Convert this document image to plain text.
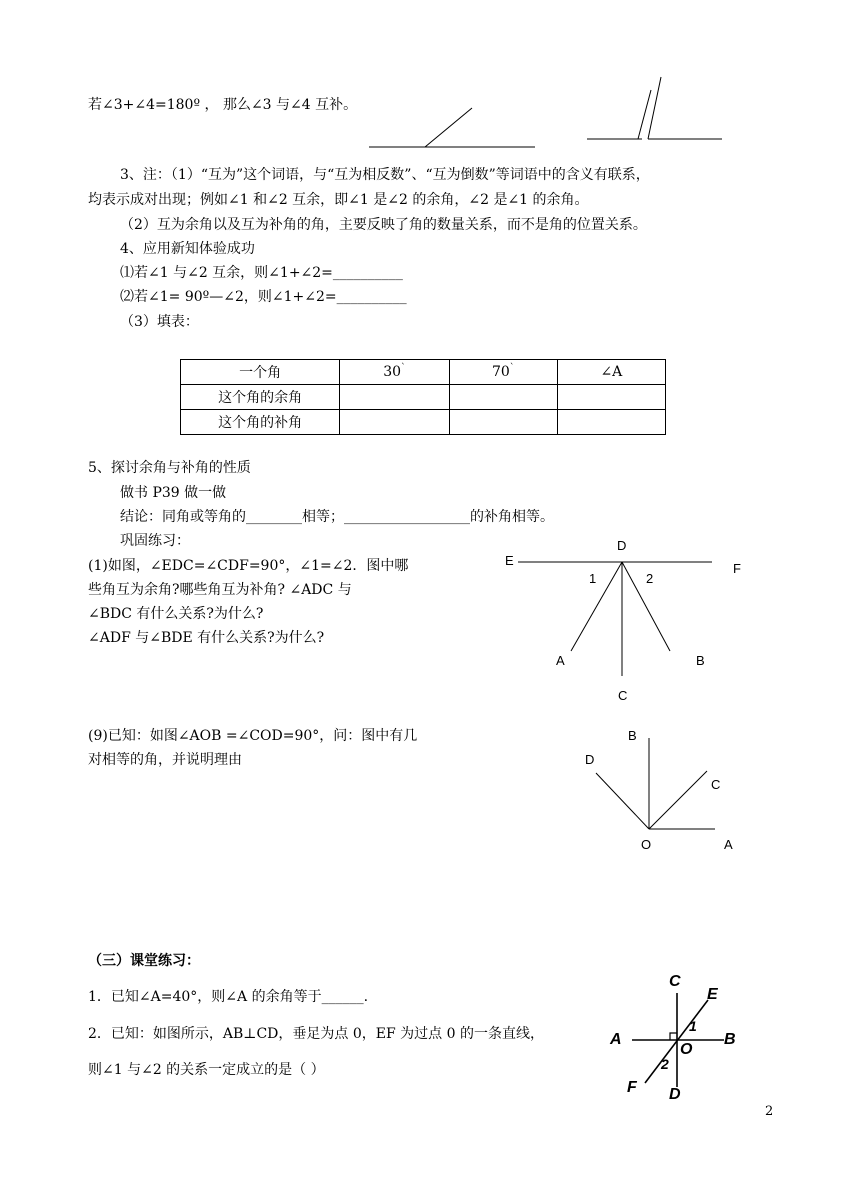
若∠3+∠4=180º ， 那么∠3 与∠4 互补。
3、注：（1）“互为”这个词语，与“互为相反数”、“互为倒数”等词语中的含义有联系，
均表示成对出现；例如∠1 和∠2 互余，即∠1 是∠2 的余角，∠2 是∠1 的余角。
（2）互为余角以及互为补角的角，主要反映了角的数量关系，而不是角的位置关系。
4、应用新知体验成功
⑴若∠1 与∠2 互余，则∠1+∠2=__________
⑵若∠1= 90º—∠2，则∠1+∠2=__________
（3）填表：
一个角	30`	70`	∠A
这个角的余角			
这个角的补角			
5、探讨余角与补角的性质
做书 P39 做一做
结论：同角或等角的________相等；__________________的补角相等。
巩固练习：
(1)如图，∠EDC=∠CDF=90°，∠1=∠2．图中哪
些角互为余角?哪些角互为补角? ∠ADC 与
∠BDC 有什么关系?为什么?
∠ADF 与∠BDE 有什么关系?为什么?
E
D
F
1	2
A	B
C
(9)已知：如图∠AOB =∠COD=90°，问：图中有几
对相等的角，并说明理由
B
D
C
O	A
（三）课堂练习：
1．已知∠A=40°，则∠A 的余角等于______.
2．已知：如图所示，AB⊥CD，垂足为点 0，EF 为过点 0 的一条直线，
则∠1 与∠2 的关系一定成立的是（ ）
C
E
A	B
O
1
2
F D
2
